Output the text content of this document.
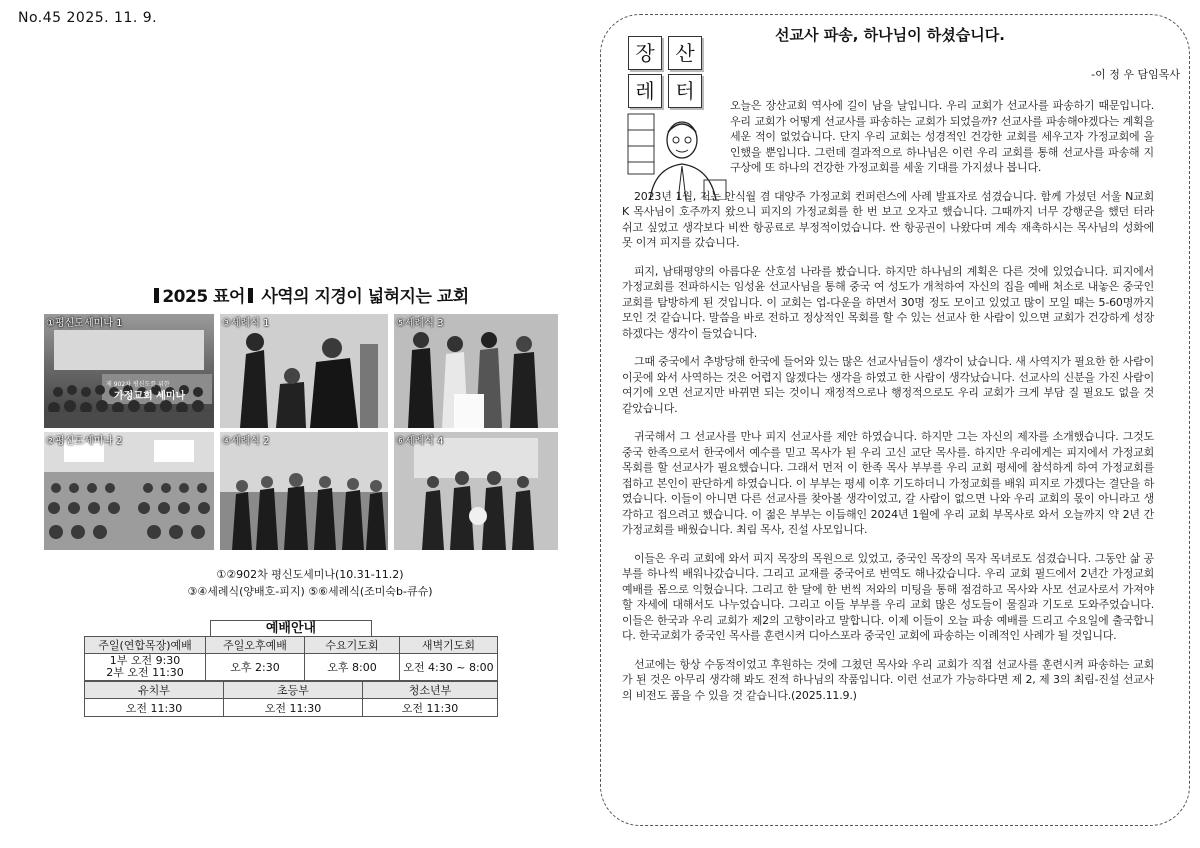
No.45 2025. 11. 9.
2025 표어 사역의 지경이 넓혀지는 교회
①평신도세미나 1
제 902차 평신도를 위한
가정교회 세미나
③세례식 1	⑤세례식 3
②평신도세미나 2	④세례식 2	⑥세례식 4
①②902차 평신도세미나(10.31-11.2)
③④세례식(양배호-피지) ⑤⑥세례식(조미숙b-큐슈)
예배안내
주일(연합목장)예배	주일오후예배	수요기도회	새벽기도회

1부 오전 9:30
2부 오전 11:30	오후 2:30	오후 8:00	오전 4:30 ~ 8:00
유치부	초등부	청소년부
오전 11:30	오전 11:30	오전 11:30
장	산
레	터
선교사 파송, 하나님이 하셨습니다.
-이 정 우 담임목사

오늘은 장산교회 역사에 길이 남을 날입니다. 우리 교회가 선교사를 파송하기 때문입니다. 우리 교회가 어떻게 선교사를 파송하는 교회가 되었을까? 선교사를 파송해야겠다는 계획을 세운 적이 없었습니다. 단지 우리 교회는 성경적인 건강한 교회를 세우고자 가정교회에 올인했을 뿐입니다. 그런데 결과적으로 하나님은 이런 우리 교회를 통해 선교사를 파송해 지구상에 또 하나의 건강한 가정교회를 세울 기대를 가지셨나 봅니다.

2023년 1월, 저는 안식월 겸 대양주 가정교회 컨퍼런스에 사례 발표자로 섬겼습니다. 함께 가셨던 서울 N교회 K 목사님이 호주까지 왔으니 피지의 가정교회를 한 번 보고 오자고 했습니다. 그때까지 너무 강행군을 했던 터라 쉬고 싶었고 생각보다 비싼 항공료로 부정적이었습니다. 싼 항공권이 나왔다며 계속 재촉하시는 목사님의 성화에 못 이겨 피지를 갔습니다.

피지, 남태평양의 아름다운 산호섬 나라를 봤습니다. 하지만 하나님의 계획은 다른 것에 있었습니다. 피지에서 가정교회를 전파하시는 임성윤 선교사님을 통해 중국 여 성도가 개척하여 자신의 집을 예배 처소로 내놓은 중국인 교회를 탐방하게 된 것입니다. 이 교회는 업-다운을 하면서 30명 정도 모이고 있었고 많이 모일 때는 5-60명까지 모인 것 같습니다. 말씀을 바로 전하고 정상적인 목회를 할 수 있는 선교사 한 사람이 있으면 교회가 건강하게 성장하겠다는 생각이 들었습니다.

그때 중국에서 추방당해 한국에 들어와 있는 많은 선교사님들이 생각이 났습니다. 새 사역지가 필요한 한 사람이 이곳에 와서 사역하는 것은 어렵지 않겠다는 생각을 하였고 한 사람이 생각났습니다. 선교사의 신분을 가진 사람이 여기에 오면 선교지만 바뀌면 되는 것이니 재정적으로나 행정적으로도 우리 교회가 크게 부담 질 필요도 없을 것 같았습니다.

귀국해서 그 선교사를 만나 피지 선교사를 제안 하였습니다. 하지만 그는 자신의 제자를 소개했습니다. 그것도 중국 한족으로서 한국에서 예수를 믿고 목사가 된 우리 고신 교단 목사를. 하지만 우리에게는 피지에서 가정교회 목회를 할 선교사가 필요했습니다. 그래서 먼저 이 한족 목사 부부를 우리 교회 평세에 참석하게 하여 가정교회를 접하고 본인이 판단하게 하였습니다. 이 부부는 평세 이후 기도하더니 가정교회를 배워 피지로 가겠다는 결단을 하였습니다. 이들이 아니면 다른 선교사를 찾아볼 생각이었고, 갈 사람이 없으면 나와 우리 교회의 몫이 아니라고 생각하고 접으려고 했습니다. 이 젊은 부부는 이듬해인 2024년 1월에 우리 교회 부목사로 와서 오늘까지 약 2년 간 가정교회를 배웠습니다. 최림 목사, 진설 사모입니다.

이들은 우리 교회에 와서 피지 목장의 목원으로 있었고, 중국인 목장의 목자 목녀로도 섬겼습니다. 그동안 삶 공부를 하나씩 배워나갔습니다. 그리고 교재를 중국어로 번역도 해나갔습니다. 우리 교회 필드에서 2년간 가정교회 예배를 몸으로 익혔습니다. 그리고 한 달에 한 번씩 저와의 미팅을 통해 점검하고 목사와 사모 선교사로서 가져야 할 자세에 대해서도 나누었습니다. 그리고 이들 부부를 우리 교회 많은 성도들이 물질과 기도로 도와주었습니다. 이들은 한국과 우리 교회가 제2의 고향이라고 말합니다. 이제 이들이 오늘 파송 예배를 드리고 수요일에 출국합니다. 한국교회가 중국인 목사를 훈련시켜 디아스포라 중국인 교회에 파송하는 이례적인 사례가 될 것입니다.

선교에는 항상 수동적이었고 후원하는 것에 그쳤던 목사와 우리 교회가 직접 선교사를 훈련시켜 파송하는 교회가 된 것은 아무리 생각해 봐도 전적 하나님의 작품입니다. 이런 선교가 가능하다면 제 2, 제 3의 최림-진설 선교사의 비전도 품을 수 있을 것 같습니다.(2025.11.9.)
